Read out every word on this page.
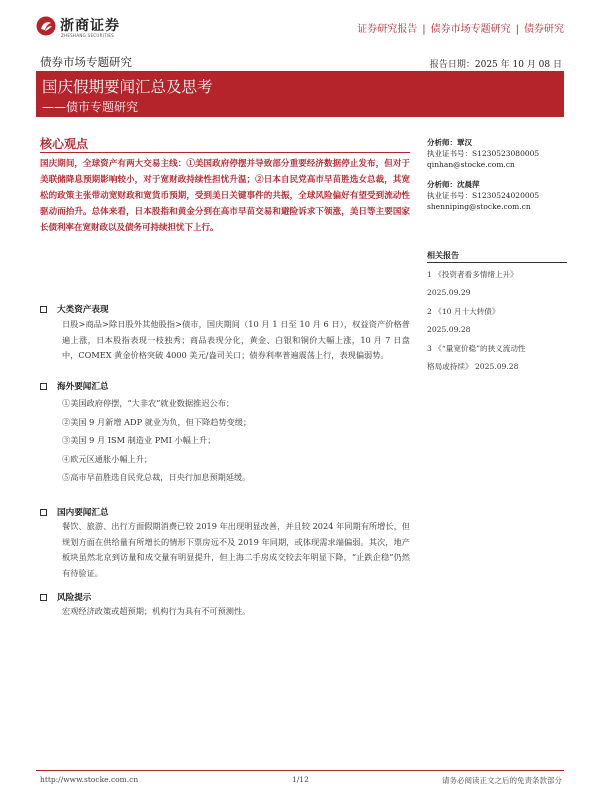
浙商证券
ZHESHANG SECURITIES
证券研究报告 | 债券市场专题研究 | 债券研究
债券市场专题研究	报告日期：2025 年 10 月 08 日
国庆假期要闻汇总及思考
——债市专题研究
核心观点
国庆期间，全球资产有两大交易主线：①美国政府停摆并导致部分重要经济数据停止发布，但对于美联储降息预期影响较小，对于宽财政持续性担忧升温；②日本自民党高市早苗胜选女总裁，其宽松的政策主张带动宽财政和宽货币预期，受到美日关键事件的共振，全球风险偏好有望受到流动性驱动而抬升。总体来看，日本股指和黄金分到在高市早苗交易和避险诉求下领涨，美日等主要国家长债利率在宽财政以及债务可持续担忧下上行。
大类资产表现
日股>商品>除日股外其他股指>债市，国庆期间（10 月 1 日至 10 月 6 日），权益资产价格普遍上涨，日本股指表现一枝独秀；商品表现分化，黄金、白银和铜价大幅上涨，10 月 7 日盘中，COMEX 黄金价格突破 4000 美元/盎司关口；债券利率普遍震荡上行，表现偏弱势。
海外要闻汇总
①美国政府停摆，“大非农”就业数据推迟公布；
②美国 9 月新增 ADP 就业为负，但下降趋势变缓；
③美国 9 月 ISM 制造业 PMI 小幅上升；
④欧元区通胀小幅上升；
⑤高市早苗胜选自民党总裁，日央行加息预期延缓。
国内要闻汇总
餐饮、旅游、出行方面假期消费已较 2019 年出现明显改善，并且较 2024 年同期有所增长，但规划方面在供给量有所增长的情形下票房远不及 2019 年同期，或体现需求端偏弱。其次，地产板块虽然北京到访量和成交量有明显提升，但上海二手房成交较去年明显下降，“止跌企稳”仍然有待验证。
风险提示
宏观经济政策或超预期；机构行为具有不可预测性。
分析师：覃汉
执业证书号：S1230523080005
qinhan@stocke.com.cn
分析师：沈晨萍
执业证书号：S1230524020005
shenniping@stocke.com.cn
相关报告
1 《投资者看多情绪上升》
2025.09.29
2 《10 月十大转债》
2025.09.28
3 《“量宽价稳”的狭义流动性
格局或持续》 2025.09.28
http://www.stocke.com.cn	1/12	请务必阅读正文之后的免责条款部分
